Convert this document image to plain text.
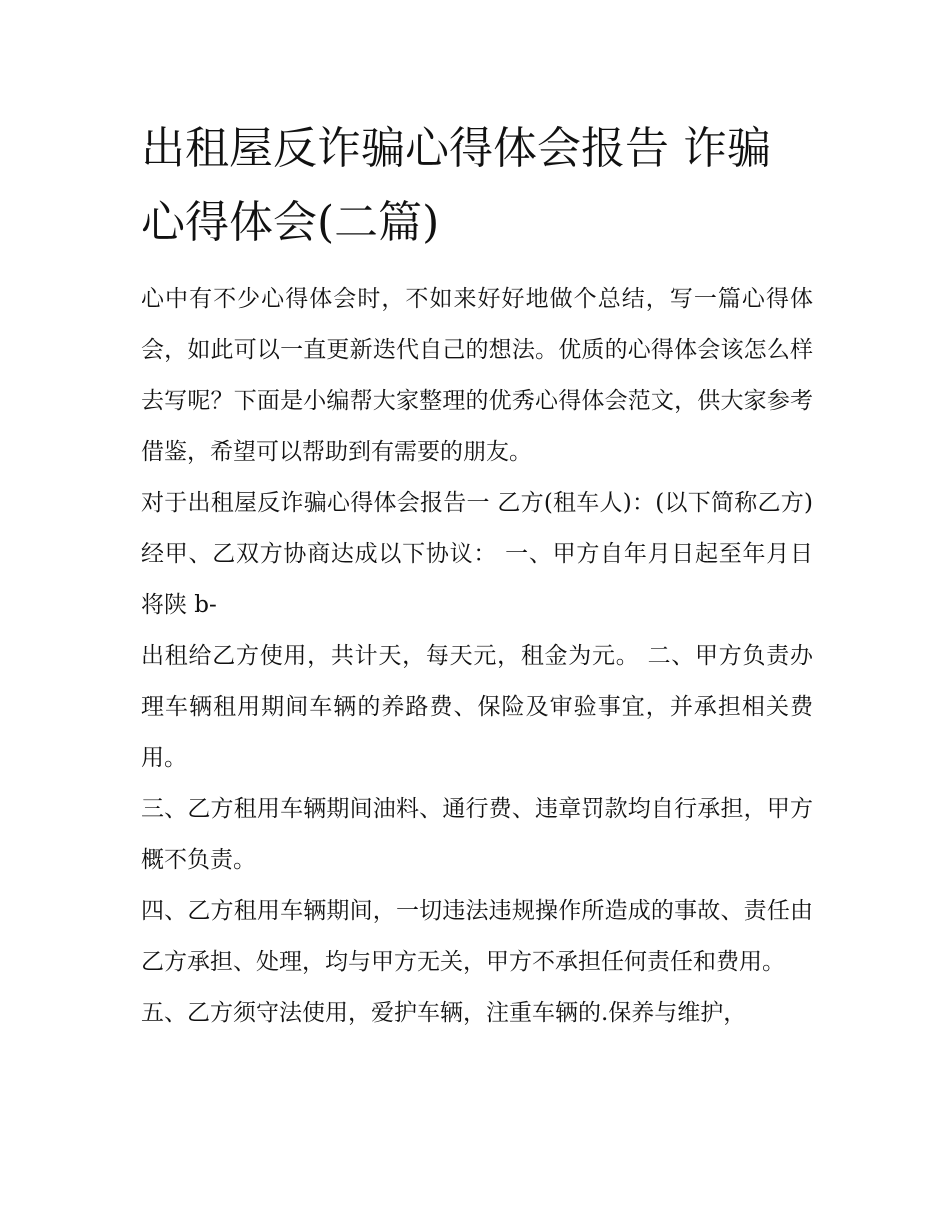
出租屋反诈骗心得体会报告 诈骗 心得体会(二篇)

心中有不少心得体会时，不如来好好地做个总结，写一篇心得体会，如此可以一直更新迭代自己的想法。优质的心得体会该怎么样去写呢？下面是小编帮大家整理的优秀心得体会范文，供大家参考借鉴，希望可以帮助到有需要的朋友。

对于出租屋反诈骗心得体会报告一 乙方(租车人)：(以下简称乙方) 经甲、乙双方协商达成以下协议： 一、甲方自年月日起至年月日将陕 b-

出租给乙方使用，共计天，每天元，租金为元。 二、甲方负责办理车辆租用期间车辆的养路费、保险及审验事宜，并承担相关费用。

三、乙方租用车辆期间油料、通行费、违章罚款均自行承担，甲方概不负责。

四、乙方租用车辆期间，一切违法违规操作所造成的事故、责任由乙方承担、处理，均与甲方无关，甲方不承担任何责任和费用。

五、乙方须守法使用，爱护车辆，注重车辆的.保养与维护，
